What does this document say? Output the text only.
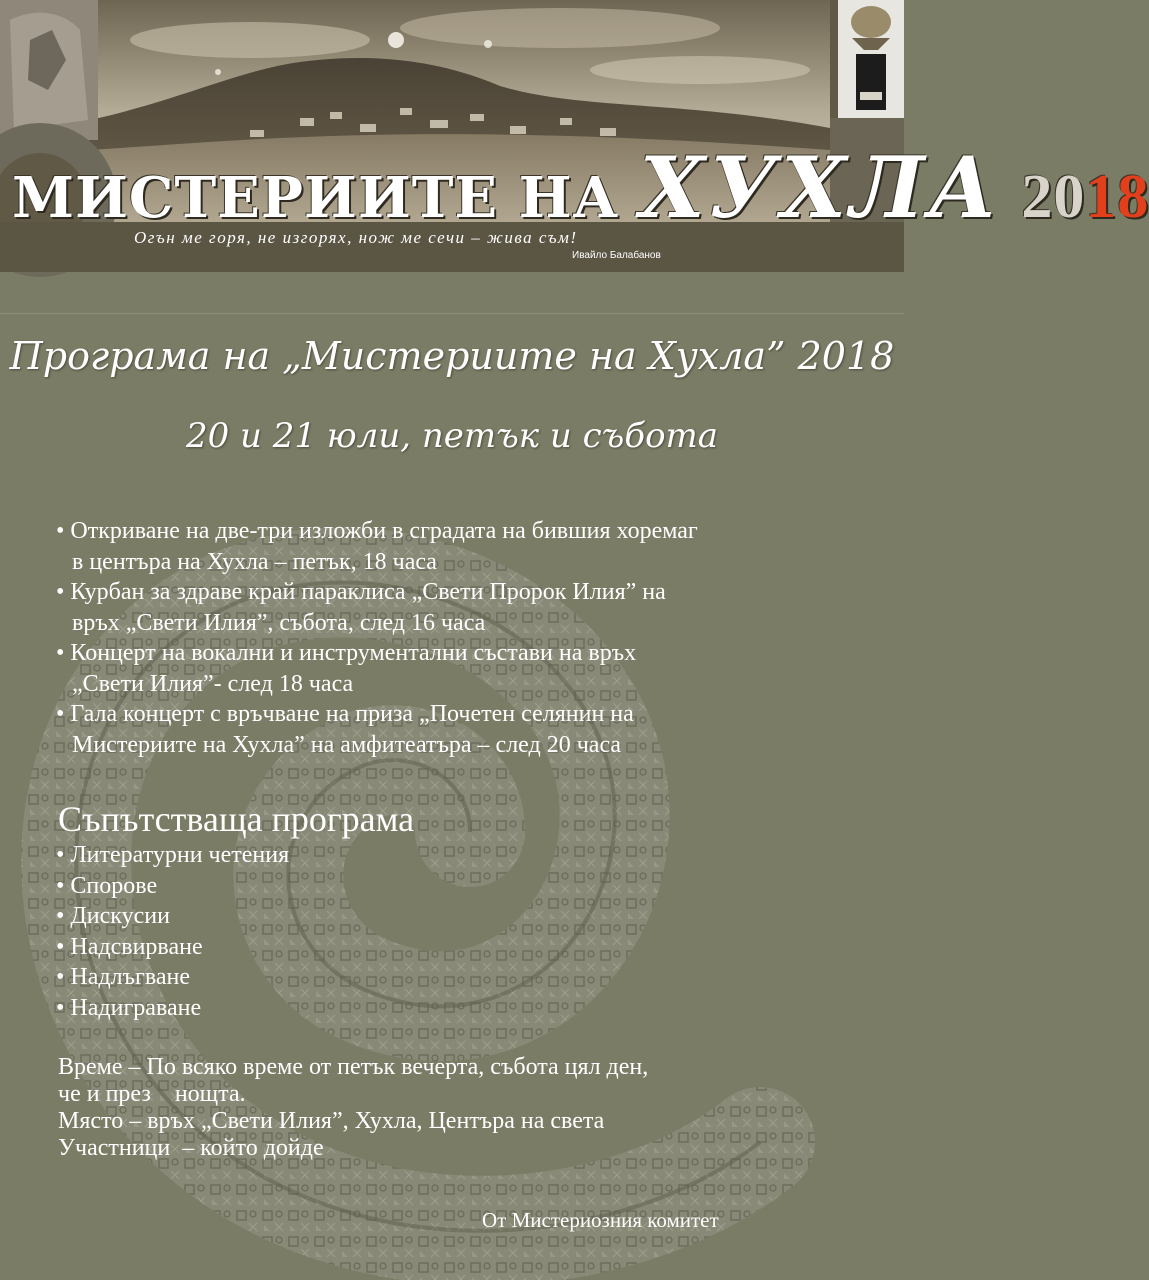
МИСТЕРИИТЕ НА ХУХЛА 2018

Огън ме горя, не изгорях, нож ме сечи – жива съм!

Ивайло Балабанов

Програма на „Мистериите на Хухла” 2018
20 и 21 юли, петък и събота
• Откриване на две-три изложби в сградата на бившия хоремаг
в центъра на Хухла – петък, 18 часа
• Курбан за здраве край параклиса „Свети Пророк Илия” на
връх „Свети Илия”, събота, след 16 часа
• Концерт на вокални и инструментални състави на връх
„Свети Илия”- след 18 часа
• Гала концерт с връчване на приза „Почетен селянин на
Мистериите на Хухла” на амфитеатъра – след 20 часа
Съпътстваща програма
• Литературни четения
• Спорове
• Дискусии
• Надсвирване
• Надлъгване
• Надиграване
Време – По всяко време от петък вечерта, събота цял ден,
че и през    нощта.
Място – връх „Свети Илия”, Хухла, Центъра на света
Участници  – който дойде

От Мистериозния комитет
